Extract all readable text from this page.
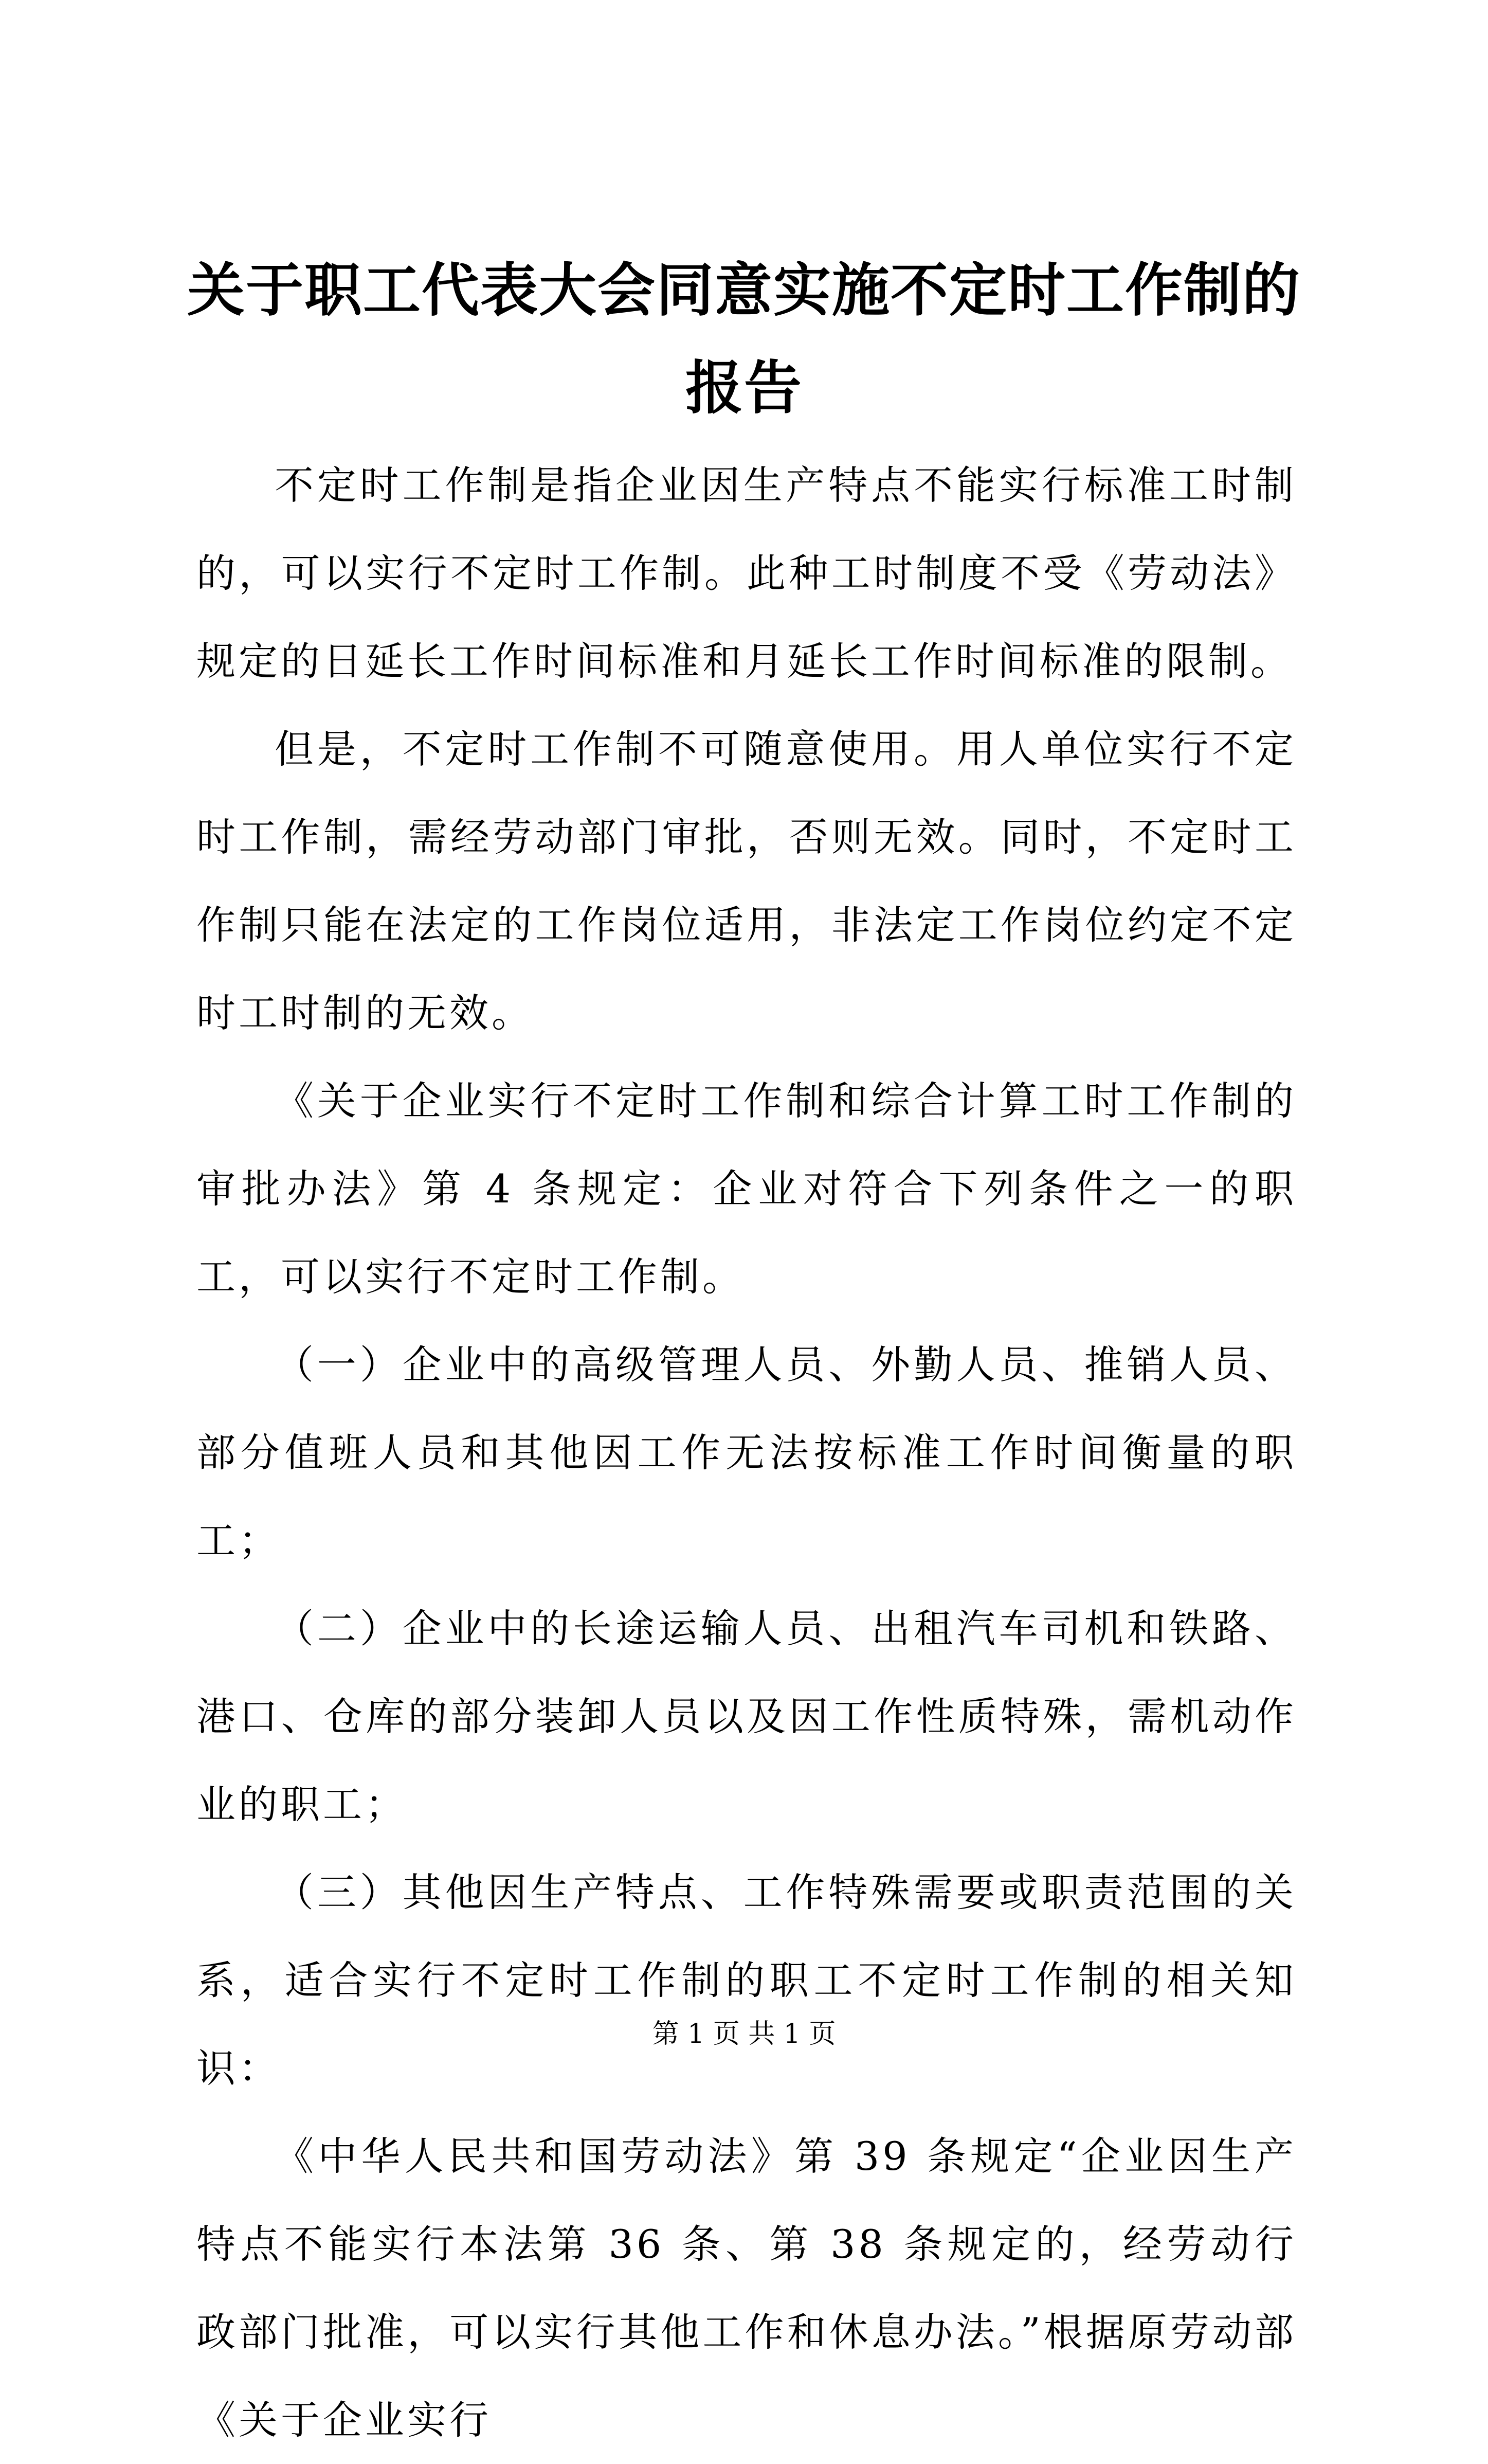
关于职工代表大会同意实施不定时工作制的报告

不定时工作制是指企业因生产特点不能实行标准工时制的，可以实行不定时工作制。此种工时制度不受《劳动法》规定的日延长工作时间标准和月延长工作时间标准的限制。

但是，不定时工作制不可随意使用。用人单位实行不定时工作制，需经劳动部门审批，否则无效。同时，不定时工作制只能在法定的工作岗位适用，非法定工作岗位约定不定时工时制的无效。

《关于企业实行不定时工作制和综合计算工时工作制的审批办法》第 4 条规定：企业对符合下列条件之一的职工，可以实行不定时工作制。

（一）企业中的高级管理人员、外勤人员、推销人员、部分值班人员和其他因工作无法按标准工作时间衡量的职工；

（二）企业中的长途运输人员、出租汽车司机和铁路、港口、仓库的部分装卸人员以及因工作性质特殊，需机动作业的职工；

（三）其他因生产特点、工作特殊需要或职责范围的关系，适合实行不定时工作制的职工不定时工作制的相关知识：

《中华人民共和国劳动法》第 39 条规定“企业因生产特点不能实行本法第 36 条、第 38 条规定的，经劳动行政部门批准，可以实行其他工作和休息办法。”根据原劳动部《关于企业实行

第 1 页 共 1 页
